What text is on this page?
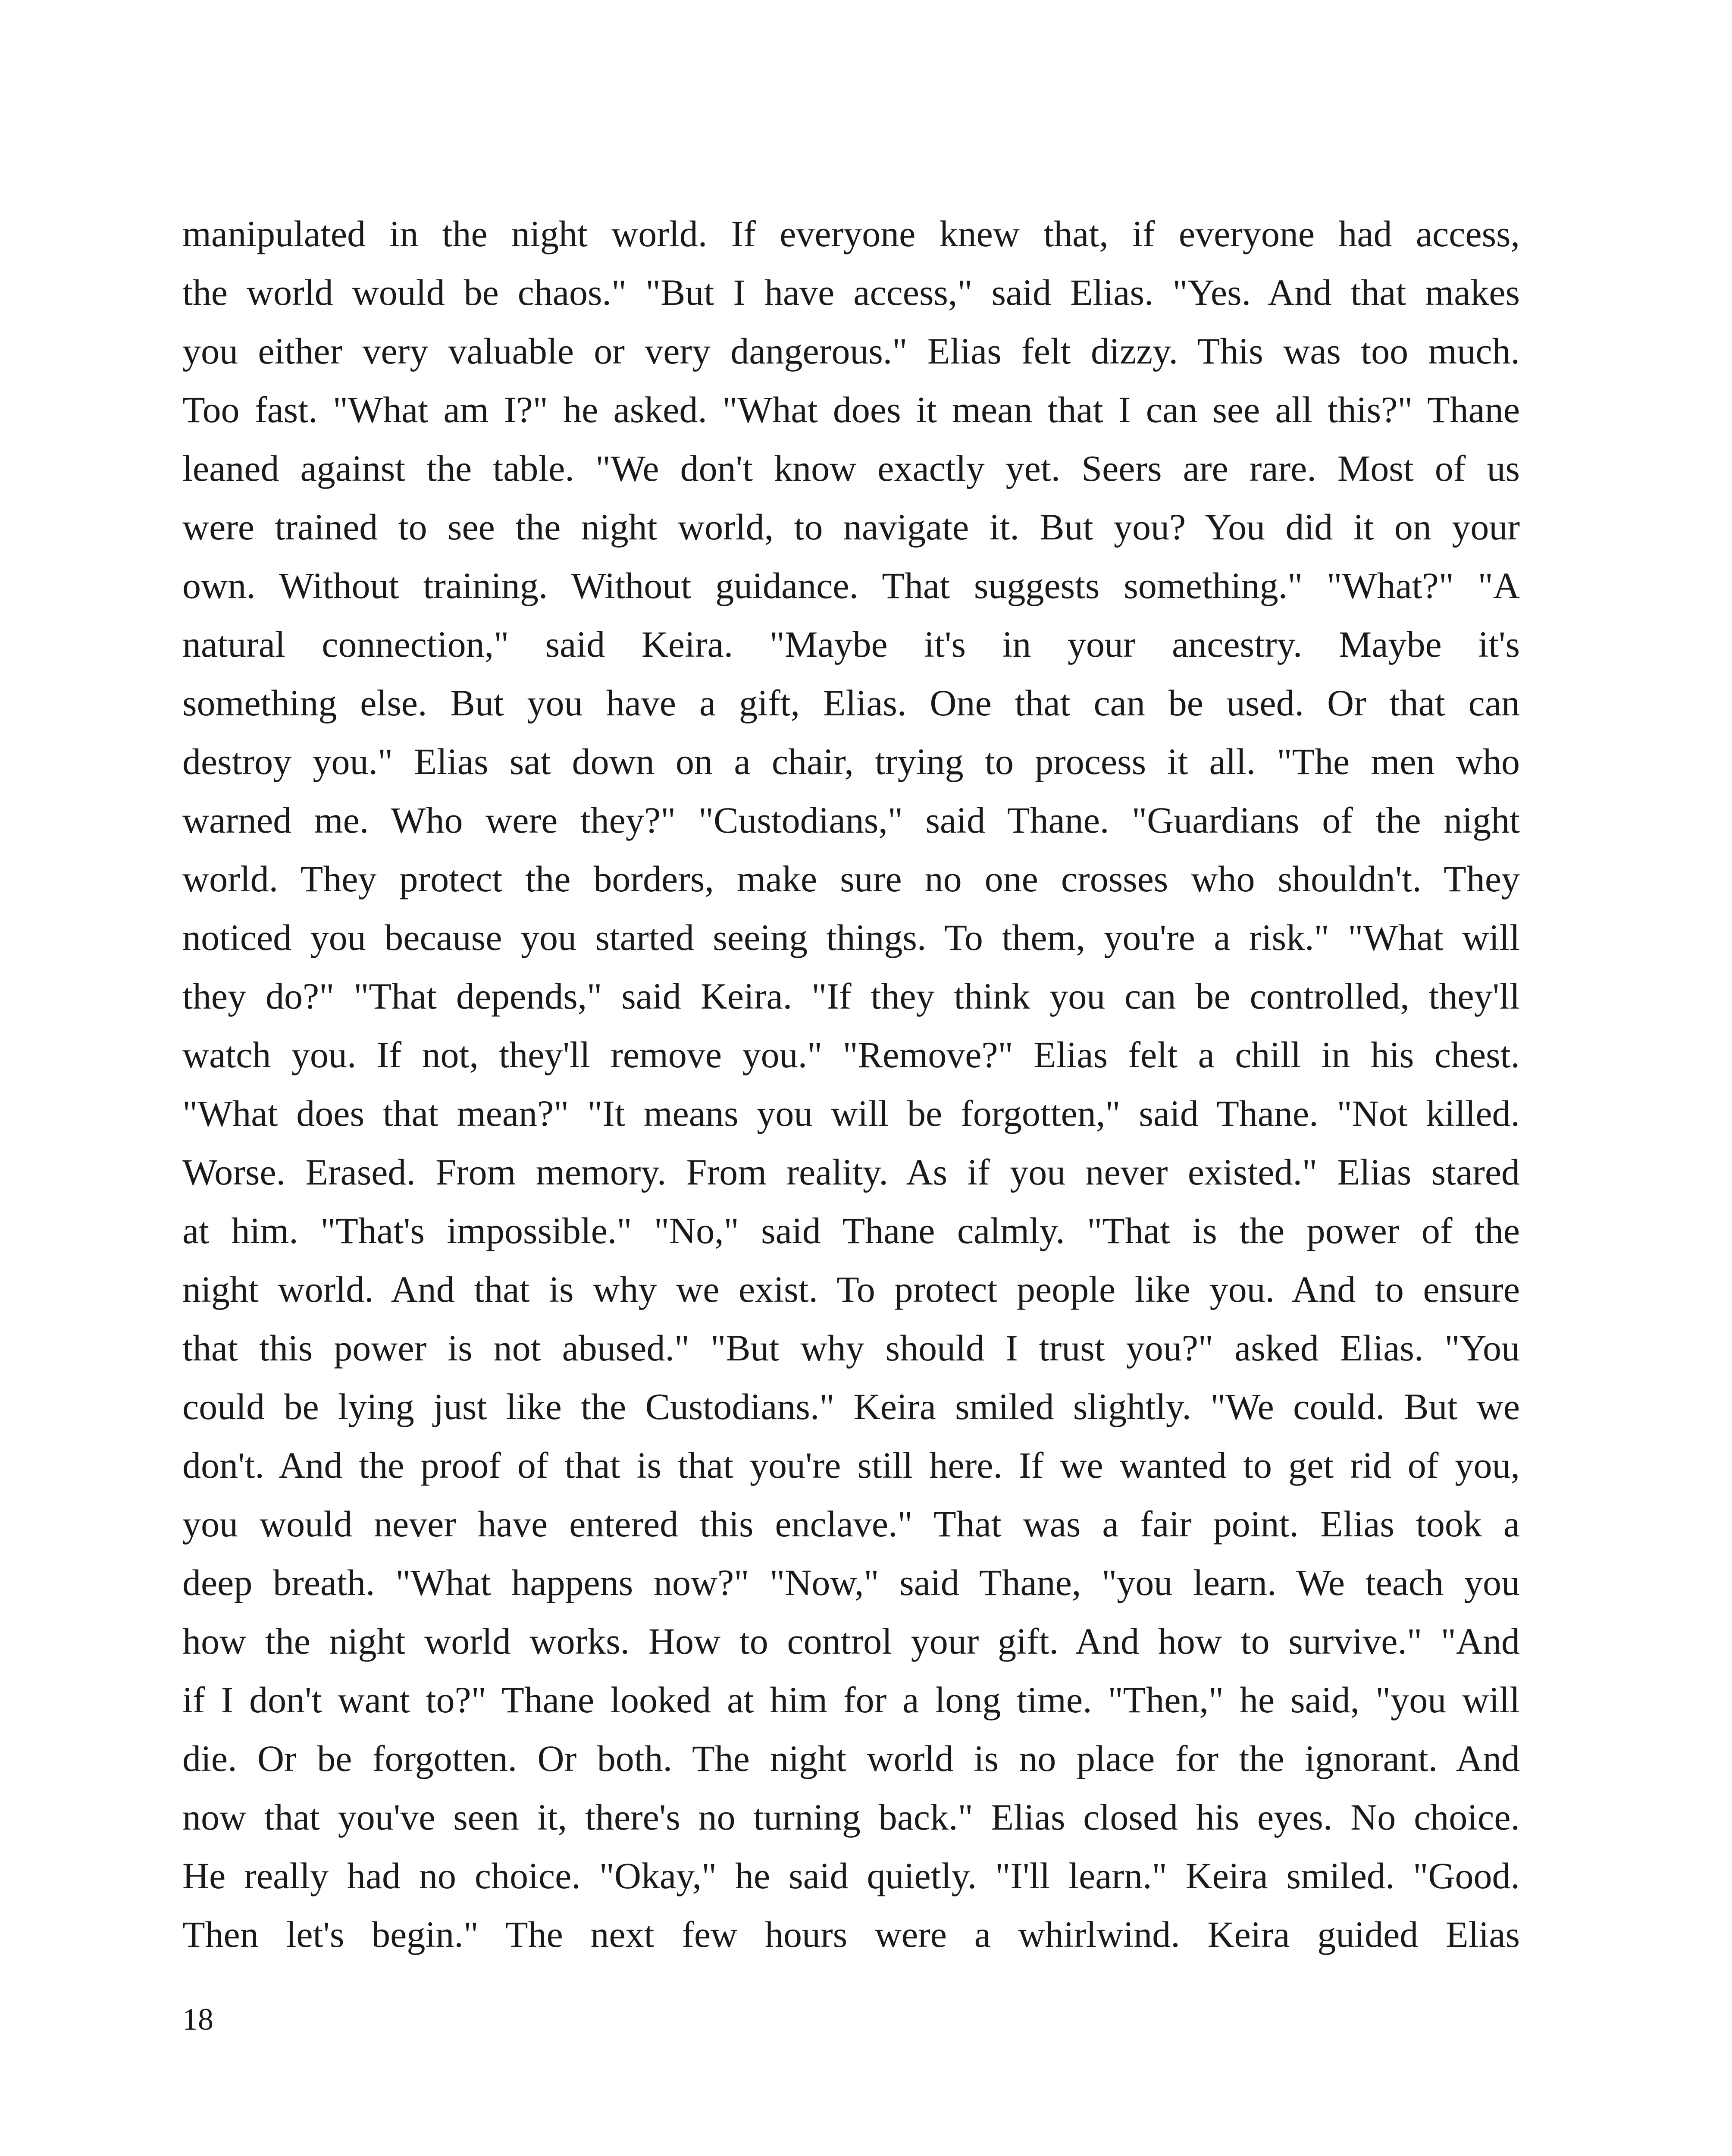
manipulated in the night world. If everyone knew that, if everyone had access,
the world would be chaos." "But I have access," said Elias. "Yes. And that makes
you either very valuable or very dangerous." Elias felt dizzy. This was too much.
Too fast. "What am I?" he asked. "What does it mean that I can see all this?" Thane
leaned against the table. "We don't know exactly yet. Seers are rare. Most of us
were trained to see the night world, to navigate it. But you? You did it on your
own. Without training. Without guidance. That suggests something." "What?" "A
natural connection," said Keira. "Maybe it's in your ancestry. Maybe it's
something else. But you have a gift, Elias. One that can be used. Or that can
destroy you." Elias sat down on a chair, trying to process it all. "The men who
warned me. Who were they?" "Custodians," said Thane. "Guardians of the night
world. They protect the borders, make sure no one crosses who shouldn't. They
noticed you because you started seeing things. To them, you're a risk." "What will
they do?" "That depends," said Keira. "If they think you can be controlled, they'll
watch you. If not, they'll remove you." "Remove?" Elias felt a chill in his chest.
"What does that mean?" "It means you will be forgotten," said Thane. "Not killed.
Worse. Erased. From memory. From reality. As if you never existed." Elias stared
at him. "That's impossible." "No," said Thane calmly. "That is the power of the
night world. And that is why we exist. To protect people like you. And to ensure
that this power is not abused." "But why should I trust you?" asked Elias. "You
could be lying just like the Custodians." Keira smiled slightly. "We could. But we
don't. And the proof of that is that you're still here. If we wanted to get rid of you,
you would never have entered this enclave." That was a fair point. Elias took a
deep breath. "What happens now?" "Now," said Thane, "you learn. We teach you
how the night world works. How to control your gift. And how to survive." "And
if I don't want to?" Thane looked at him for a long time. "Then," he said, "you will
die. Or be forgotten. Or both. The night world is no place for the ignorant. And
now that you've seen it, there's no turning back." Elias closed his eyes. No choice.
He really had no choice. "Okay," he said quietly. "I'll learn." Keira smiled. "Good.
Then let's begin." The next few hours were a whirlwind. Keira guided Elias
18
